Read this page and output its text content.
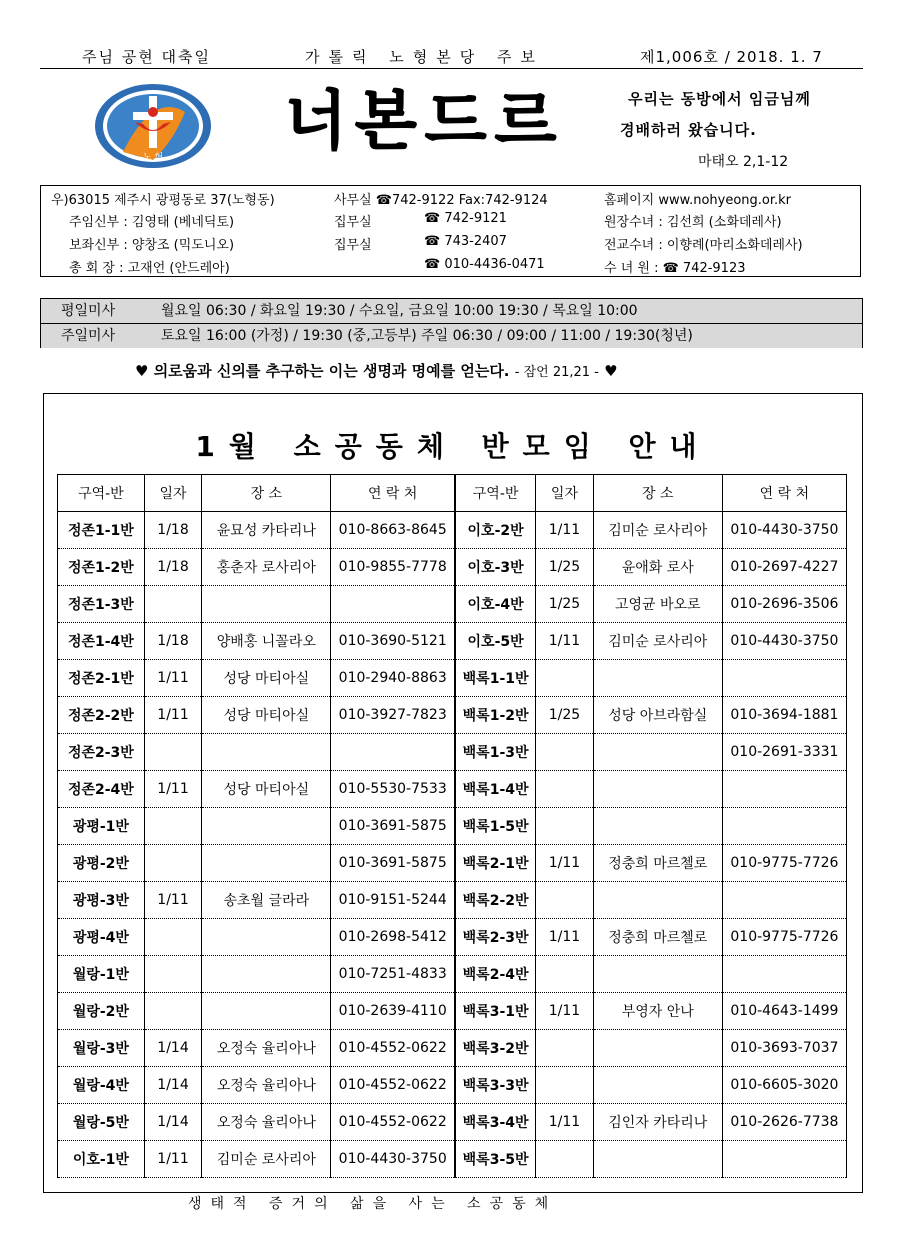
주님 공현 대축일	가톨릭 노형본당 주보	제1,006호 / 2018. 1. 7
노 형 너본드르	우리는 동방에서 임금님께
경배하러 왔습니다.
마태오 2,1-12
우)63015 제주시 광평동로 37(노형동)	사무실 ☎742-9122 Fax:742-9124	홈페이지 www.nohyeong.or.kr
주임신부 : 김영태 (베네딕토)	집무실	☎ 742-9121	원장수녀 : 김선희 (소화데레사)
보좌신부 : 양창조 (믹도니오)	집무실	☎ 743-2407	전교수녀 : 이향례(마리소화데레사)
총 회 장 : 고재언 (안드레아)	☎ 010-4436-0471	수 녀 원 : ☎ 742-9123
평일미사	월요일 06:30 / 화요일 19:30 / 수요일, 금요일 10:00 19:30 / 목요일 10:00
주일미사	토요일 16:00 (가정) / 19:30 (중,고등부) 주일 06:30 / 09:00 / 11:00 / 19:30(청년)
♥ 의로움과 신의를 추구하는 이는 생명과 명예를 얻는다. - 잠언 21,21 - ♥
1월 소공동체 반모임 안내
구역-반	일자	장 소	연 락 처	구역-반	일자	장 소	연 락 처
정존1-1반	1/18	윤묘성 카타리나	010-8663-8645	이호-2반	1/11	김미순 로사리아	010-4430-3750
정존1-2반	1/18	홍춘자 로사리아	010-9855-7778	이호-3반	1/25	윤애화 로사	010-2697-4227
정존1-3반				이호-4반	1/25	고영균 바오로	010-2696-3506
정존1-4반	1/18	양배홍 니꼴라오	010-3690-5121	이호-5반	1/11	김미순 로사리아	010-4430-3750
정존2-1반	1/11	성당 마티아실	010-2940-8863	백록1-1반			
정존2-2반	1/11	성당 마티아실	010-3927-7823	백록1-2반	1/25	성당 아브라함실	010-3694-1881
정존2-3반				백록1-3반			010-2691-3331
정존2-4반	1/11	성당 마티아실	010-5530-7533	백록1-4반			
광평-1반			010-3691-5875	백록1-5반			
광평-2반			010-3691-5875	백록2-1반	1/11	정충희 마르첼로	010-9775-7726
광평-3반	1/11	송초월 글라라	010-9151-5244	백록2-2반			
광평-4반			010-2698-5412	백록2-3반	1/11	정충희 마르첼로	010-9775-7726
월랑-1반			010-7251-4833	백록2-4반			
월랑-2반			010-2639-4110	백록3-1반	1/11	부영자 안나	010-4643-1499
월랑-3반	1/14	오정숙 율리아나	010-4552-0622	백록3-2반			010-3693-7037
월랑-4반	1/14	오정숙 율리아나	010-4552-0622	백록3-3반			010-6605-3020
월랑-5반	1/14	오정숙 율리아나	010-4552-0622	백록3-4반	1/11	김인자 카타리나	010-2626-7738
이호-1반	1/11	김미순 로사리아	010-4430-3750	백록3-5반			
생태적 증거의 삶을 사는 소공동체
